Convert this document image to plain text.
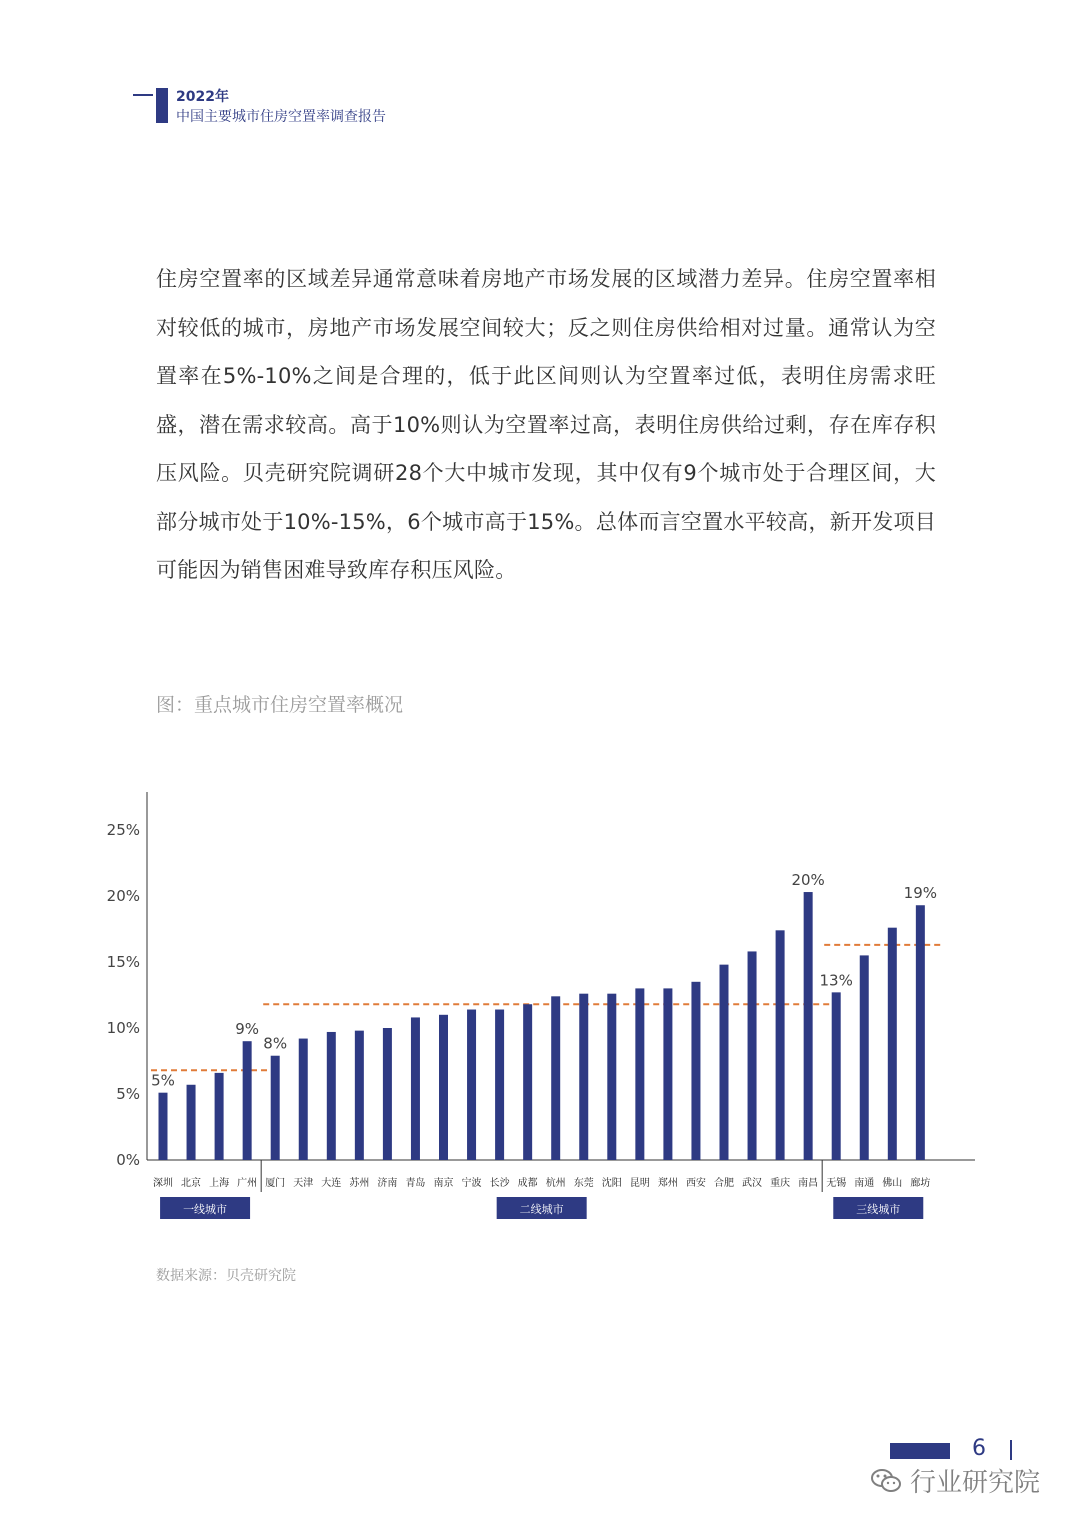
2022年
中国主要城市住房空置率调查报告

住房空置率的区域差异通常意味着房地产市场发展的区域潜力差异。住房空置率相对较低的城市，房地产市场发展空间较大；反之则住房供给相对过量。通常认为空置率在5%-10%之间是合理的，低于此区间则认为空置率过低，表明住房需求旺盛，潜在需求较高。高于10%则认为空置率过高，表明住房供给过剩，存在库存积压风险。贝壳研究院调研28个大中城市发现，其中仅有9个城市处于合理区间，大部分城市处于10%-15%，6个城市高于15%。总体而言空置水平较高，新开发项目可能因为销售困难导致库存积压风险。

图：重点城市住房空置率概况
0%
5%
10%
15%
20%
25%
一线城市	二线城市	三线城市
深圳 北京 上海 广州 厦门 天津 大连 苏州 济南 青岛 南京 宁波 长沙 成都 杭州 东莞 沈阳 昆明 郑州 西安 合肥 武汉 重庆 南昌 无锡 南通 佛山 廊坊
5%
9%
8%
20%
13%
19%
数据来源：贝壳研究院
6
行业研究院
